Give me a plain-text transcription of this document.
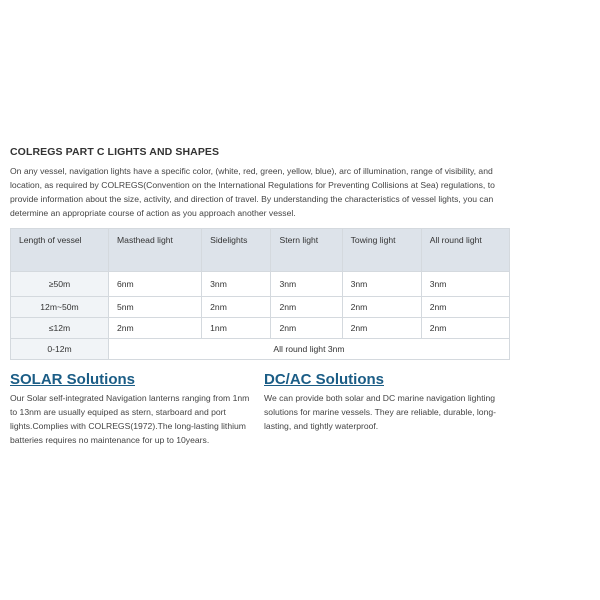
COLREGS PART C LIGHTS AND SHAPES

On any vessel, navigation lights have a specific color, (white, red, green, yellow, blue), arc of illumination, range of visibility, and location, as required by COLREGS(Convention on the International Regulations for Preventing Collisions at Sea) regulations, to provide information about the size, activity, and direction of travel. By understanding the characteristics of vessel lights, you can determine an appropriate course of action as you approach another vessel.

Length of vessel	Masthead light	Sidelights	Stern light	Towing light	All round light
≥50m	6nm	3nm	3nm	3nm	3nm
12m~50m	5nm	2nm	2nm	2nm	2nm
≤12m	2nm	1nm	2nm	2nm	2nm
0-12m	All round light 3nm				
SOLAR Solutions

Our Solar self-integrated Navigation lanterns ranging from 1nm to 13nm are usually equiped as stern, starboard and port lights.Complies with COLREGS(1972).The long-lasting lithium batteries requires no maintenance for up to 10years.

DC/AC Solutions

We can provide both solar and DC marine navigation lighting solutions for marine vessels. They are reliable, durable, long-lasting, and tightly waterproof.
